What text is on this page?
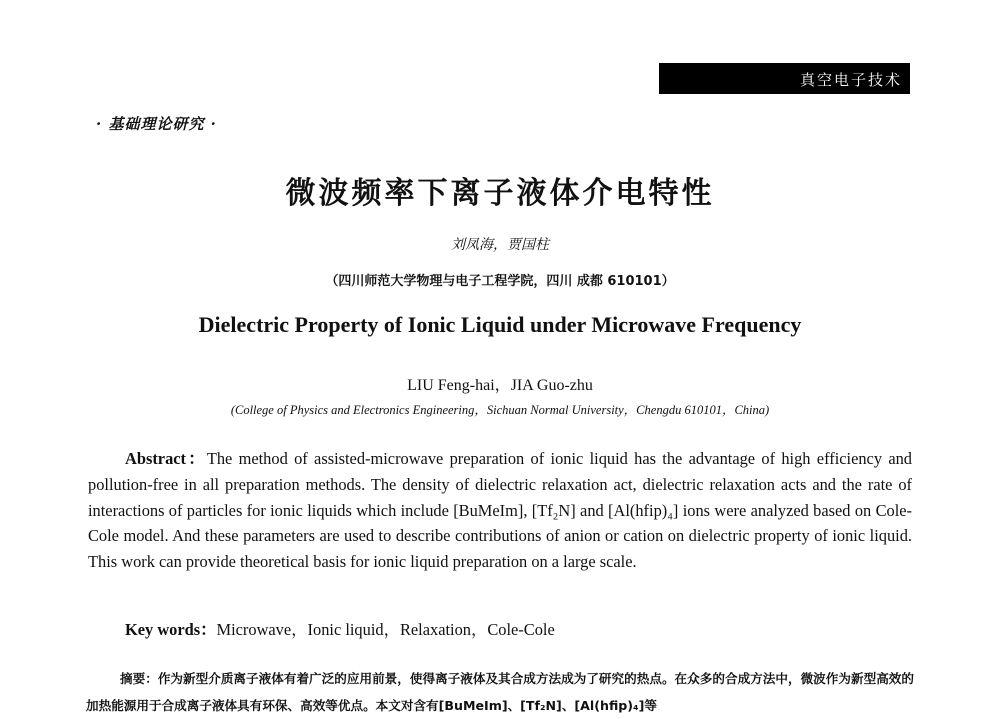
真空电子技术
· 基础理论研究 ·
微波频率下离子液体介电特性
刘凤海，贾国柱
（四川师范大学物理与电子工程学院，四川 成都 610101）
Dielectric Property of Ionic Liquid under Microwave Frequency
LIU Feng-hai，JIA Guo-zhu
(College of Physics and Electronics Engineering，Sichuan Normal University，Chengdu 610101，China)

Abstract：The method of assisted-microwave preparation of ionic liquid has the advantage of high efficiency and pollution-free in all preparation methods. The density of dielectric relaxation act, dielectric relaxation acts and the rate of interactions of particles for ionic liquids which include [BuMeIm], [Tf₂N] and [Al(hfip)₄] ions were analyzed based on Cole-Cole model. And these parameters are used to describe contributions of anion or cation on dielectric property of ionic liquid. This work can provide theoretical basis for ionic liquid preparation on a large scale.

Key words：Microwave，Ionic liquid，Relaxation，Cole-Cole

摘要：作为新型介质离子液体有着广泛的应用前景，使得离子液体及其合成方法成为了研究的热点。在众多的合成方法中，微波作为新型高效的加热能源用于合成离子液体具有环保、高效等优点。本文对含有[BuMeIm]、[Tf₂N]、[Al(hfip)₄]等
